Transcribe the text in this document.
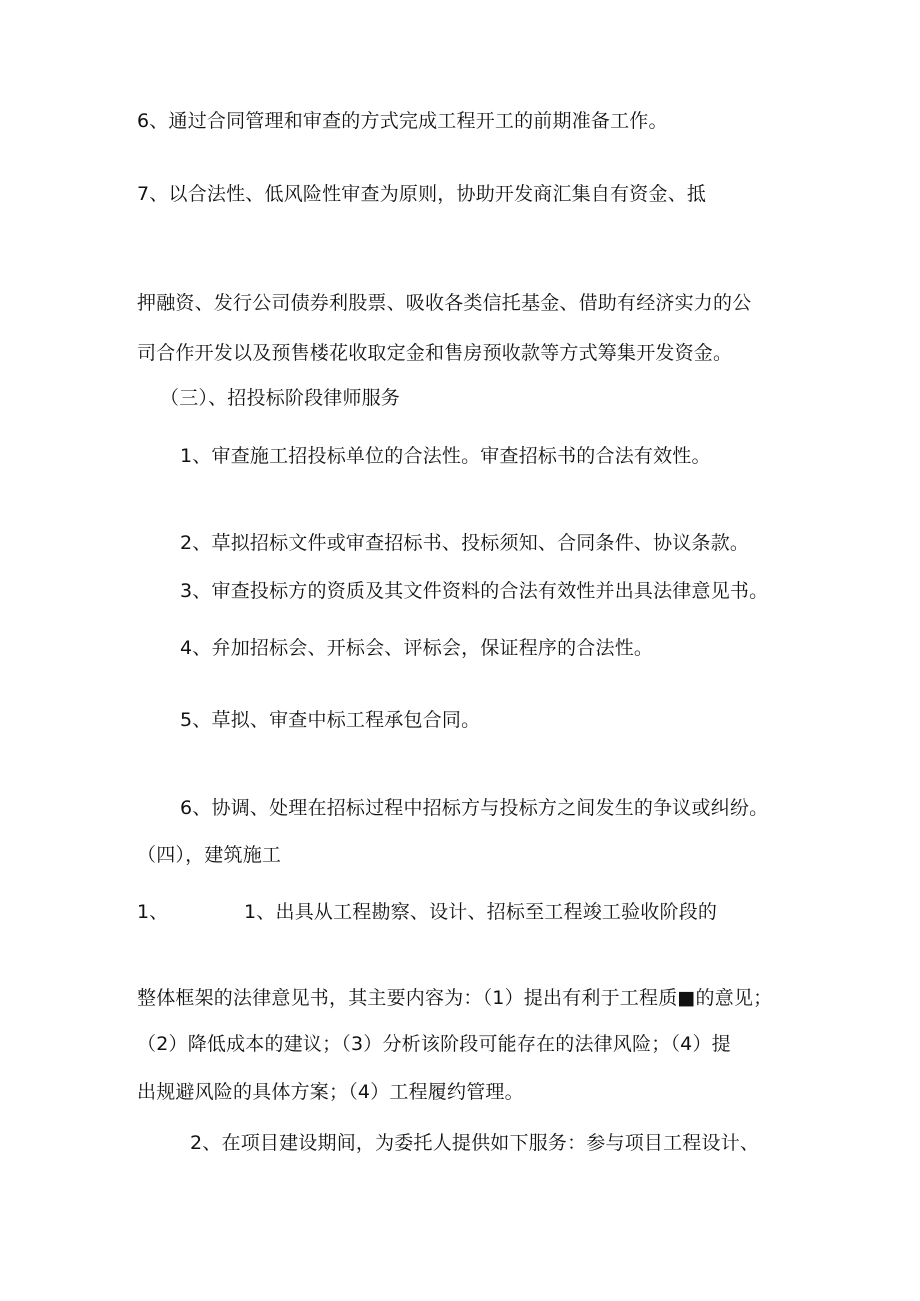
6、通过合同管理和审查的方式完成工程开工的前期准备工作。
7、以合法性、低风险性审查为原则，协助开发商汇集自有资金、抵
押融资、发行公司债券利股票、吸收各类信托基金、借助有经济实力的公
司合作开发以及预售楼花收取定金和售房预收款等方式筹集开发资金。
（三）、招投标阶段律师服务
1、审查施工招投标单位的合法性。审查招标书的合法有效性。
2、草拟招标文件或审查招标书、投标须知、合同条件、协议条款。
3、审查投标方的资质及其文件资料的合法有效性并出具法律意见书。
4、弁加招标会、开标会、评标会，保证程序的合法性。
5、草拟、审查中标工程承包合同。
6、协调、处理在招标过程中招标方与投标方之间发生的争议或纠纷。
（四），建筑施工
1、	1、出具从工程勘察、设计、招标至工程竣工验收阶段的
整体框架的法律意见书，其主要内容为：（1）提出有利于工程质■的意见；
（2）降低成本的建议；（3）分析该阶段可能存在的法律风险；（4）提
出规避风险的具体方案；（4）工程履约管理。
2、在项目建设期间，为委托人提供如下服务：参与项目工程设计、
